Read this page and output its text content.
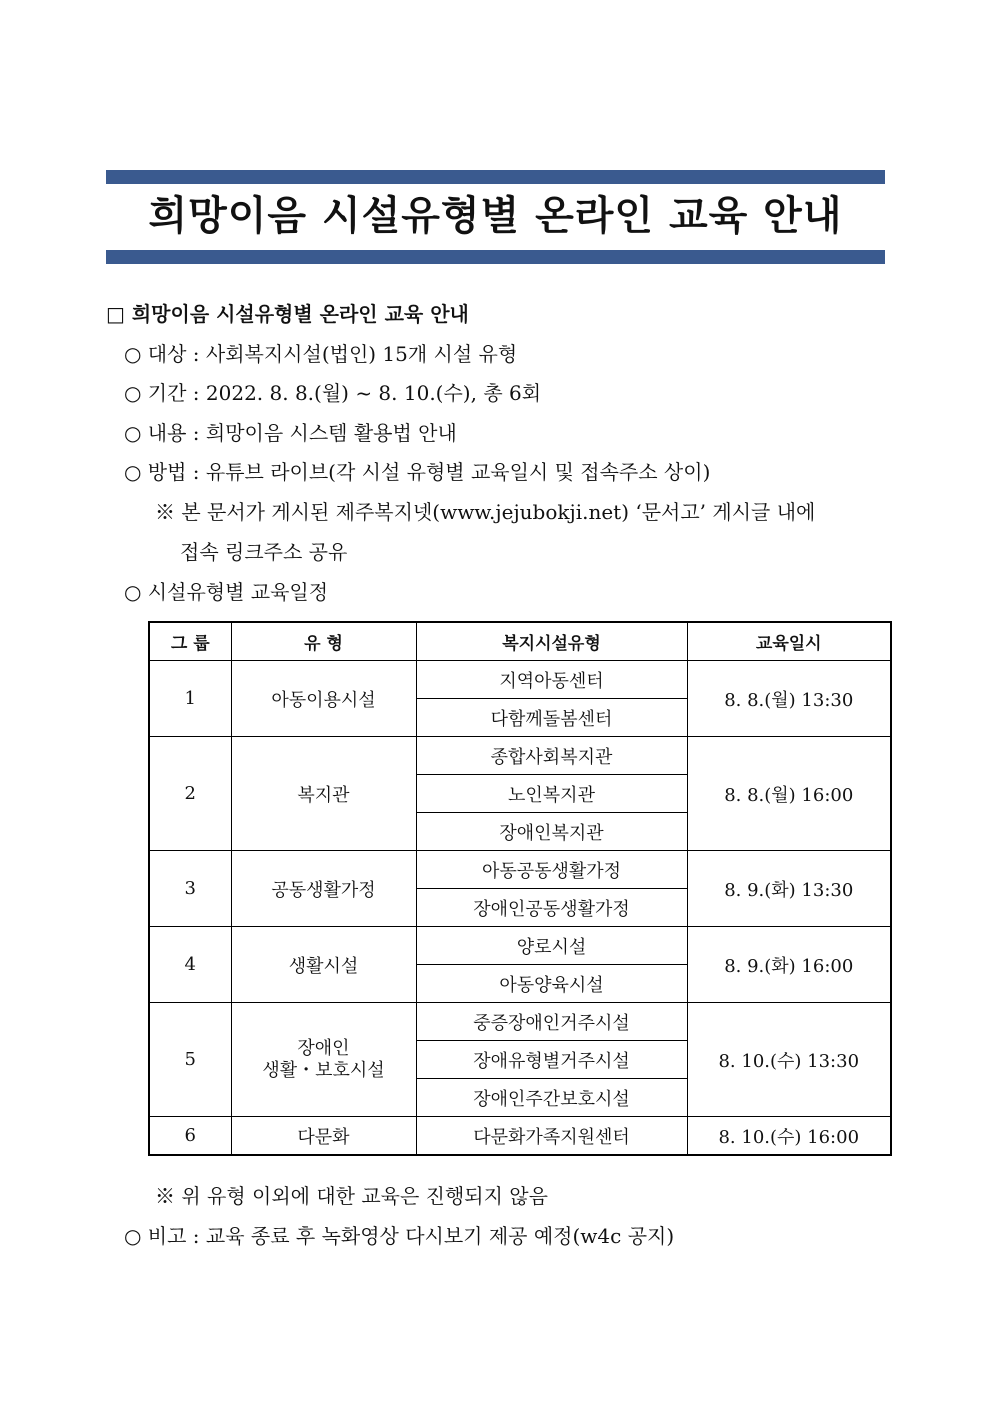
희망이음 시설유형별 온라인 교육 안내
□ 희망이음 시설유형별 온라인 교육 안내
○ 대상 : 사회복지시설(법인) 15개 시설 유형
○ 기간 : 2022. 8. 8.(월) ~ 8. 10.(수), 총 6회
○ 내용 : 희망이음 시스템 활용법 안내
○ 방법 : 유튜브 라이브(각 시설 유형별 교육일시 및 접속주소 상이)
※ 본 문서가 게시된 제주복지넷(www.jejubokji.net) ‘문서고’ 게시글 내에
접속 링크주소 공유
○ 시설유형별 교육일정
그 룹	유 형	복지시설유형	교육일시
1	아동이용시설	지역아동센터	8. 8.(월) 13:30
		다함께돌봄센터	
2	복지관	종합사회복지관	8. 8.(월) 16:00
		노인복지관	
		장애인복지관	
3	공동생활가정	아동공동생활가정	8. 9.(화) 13:30
		장애인공동생활가정	
4	생활시설	양로시설	8. 9.(화) 16:00
		아동양육시설	
5	장애인
생활・보호시설	중증장애인거주시설	8. 10.(수) 13:30
		장애유형별거주시설	
		장애인주간보호시설	
6	다문화	다문화가족지원센터	8. 10.(수) 16:00
※ 위 유형 이외에 대한 교육은 진행되지 않음
○ 비고 : 교육 종료 후 녹화영상 다시보기 제공 예정(w4c 공지)
